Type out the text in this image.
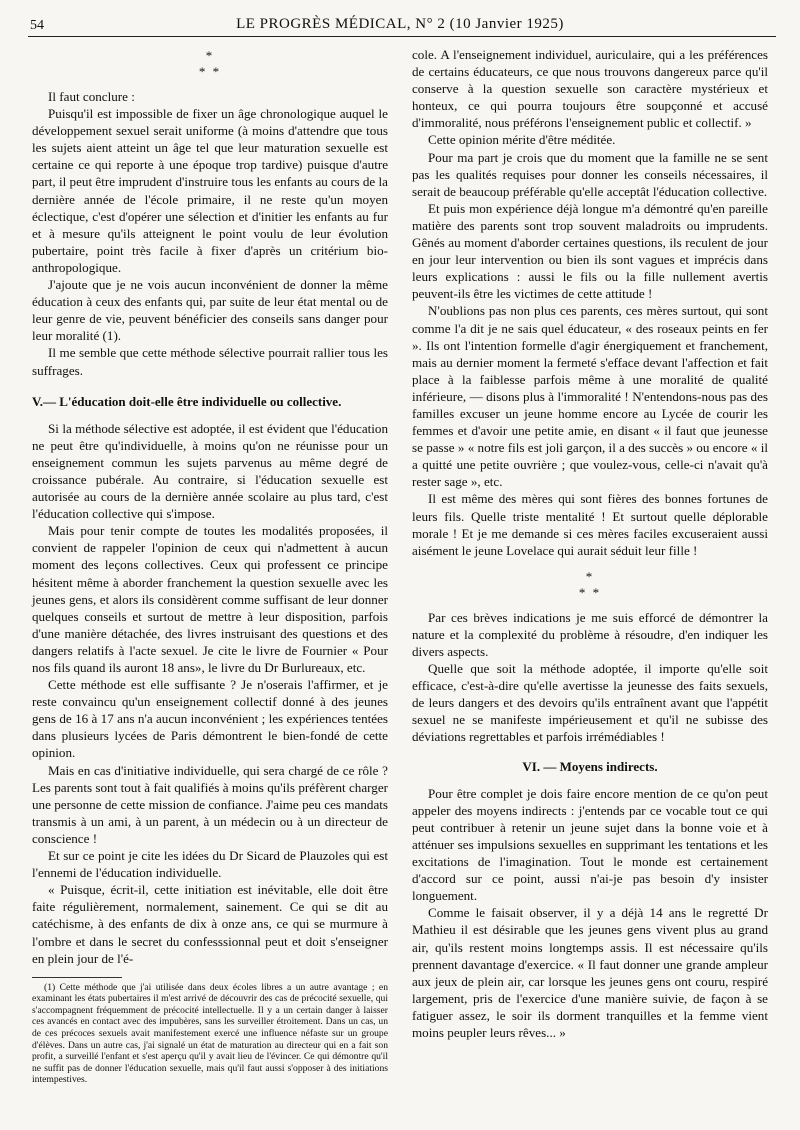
54	LE PROGRÈS MÉDICAL, N° 2 (10 Janvier 1925)
*
* *

Il faut conclure :

Puisqu'il est impossible de fixer un âge chronologique auquel le développement sexuel serait uniforme (à moins d'attendre que tous les sujets aient atteint un âge tel que leur maturation sexuelle est certaine ce qui reporte à une époque trop tardive) puisque d'autre part, il peut être imprudent d'instruire tous les enfants au cours de la dernière année de l'école primaire, il ne reste qu'un moyen éclectique, c'est d'opérer une sélection et d'initier les enfants au fur et à mesure qu'ils atteignent le point voulu de leur évolution pubertaire, point très facile à fixer d'après un critérium bio-anthropologique.

J'ajoute que je ne vois aucun inconvénient de donner la même éducation à ceux des enfants qui, par suite de leur état mental ou de leur genre de vie, peuvent bénéficier des conseils sans danger pour leur moralité (1).

Il me semble que cette méthode sélective pourrait rallier tous les suffrages.

V.— L'éducation doit-elle être individuelle ou collective.

Si la méthode sélective est adoptée, il est évident que l'éducation ne peut être qu'individuelle, à moins qu'on ne réunisse pour un enseignement commun les sujets parvenus au même degré de croissance pubérale. Au contraire, si l'éducation sexuelle est autorisée au cours de la dernière année scolaire au plus tard, c'est l'éducation collective qui s'impose.

Mais pour tenir compte de toutes les modalités proposées, il convient de rappeler l'opinion de ceux qui n'admettent à aucun moment des leçons collectives. Ceux qui professent ce principe hésitent même à aborder franchement la question sexuelle avec les jeunes gens, et alors ils considèrent comme suffisant de leur donner quelques conseils et surtout de mettre à leur disposition, parfois d'une manière détachée, des livres instruisant des questions et des dangers relatifs à l'acte sexuel. Je cite le livre de Fournier « Pour nos fils quand ils auront 18 ans», le livre du Dr Burlureaux, etc.

Cette méthode est elle suffisante ? Je n'oserais l'affirmer, et je reste convaincu qu'un enseignement collectif donné à des jeunes gens de 16 à 17 ans n'a aucun inconvénient ; les expériences tentées dans plusieurs lycées de Paris démontrent le bien-fondé de cette opinion.

Mais en cas d'initiative individuelle, qui sera chargé de ce rôle ? Les parents sont tout à fait qualifiés à moins qu'ils préfèrent charger une personne de cette mission de confiance. J'aime peu ces mandats transmis à un ami, à un parent, à un médecin ou à un directeur de conscience !

Et sur ce point je cite les idées du Dr Sicard de Plauzoles qui est l'ennemi de l'éducation individuelle.

« Puisque, écrit-il, cette initiation est inévitable, elle doit être faite régulièrement, normalement, sainement. Ce qui se dit au catéchisme, à des enfants de dix à onze ans, ce qui se murmure à l'ombre et dans le secret du confesssionnal peut et doit s'enseigner en plein jour de l'é-

(1) Cette méthode que j'ai utilisée dans deux écoles libres a un autre avantage ; en examinant les états pubertaires il m'est arrivé de découvrir des cas de précocité sexuelle, qui s'accompagnent fréquemment de précocité intellectuelle. Il y a un certain danger à laisser ces avancés en contact avec des impubères, sans les surveiller étroitement. Dans un cas, un de ces précoces sexuels avait manifestement exercé une influence néfaste sur un groupe d'élèves. Dans un autre cas, j'ai signalé un état de maturation au directeur qui en a fait son profit, a surveillé l'enfant et s'est aperçu qu'il y avait lieu de l'évincer. Ce qui démontre qu'il ne suffit pas de donner l'éducation sexuelle, mais qu'il faut aussi s'opposer à des initiations intempestives.

cole. A l'enseignement individuel, auriculaire, qui a les préférences de certains éducateurs, ce que nous trouvons dangereux parce qu'il conserve à la question sexuelle son caractère mystérieux et honteux, ce qui pourra toujours être soupçonné et accusé d'immoralité, nous préférons l'enseignement public et collectif. »

Cette opinion mérite d'être méditée.

Pour ma part je crois que du moment que la famille ne se sent pas les qualités requises pour donner les conseils nécessaires, il serait de beaucoup préférable qu'elle acceptât l'éducation collective.

Et puis mon expérience déjà longue m'a démontré qu'en pareille matière des parents sont trop souvent maladroits ou imprudents. Gênés au moment d'aborder certaines questions, ils reculent de jour en jour leur intervention ou bien ils sont vagues et imprécis dans leurs explications : aussi le fils ou la fille nullement avertis peuvent-ils être les victimes de cette attitude !

N'oublions pas non plus ces parents, ces mères surtout, qui sont comme l'a dit je ne sais quel éducateur, « des roseaux peints en fer ». Ils ont l'intention formelle d'agir énergiquement et franchement, mais au dernier moment la fermeté s'efface devant l'affection et fait place à la faiblesse parfois même à une moralité de qualité inférieure, — disons plus à l'immoralité ! N'entendons-nous pas des familles excuser un jeune homme encore au Lycée de courir les femmes et d'avoir une petite amie, en disant « il faut que jeunesse se passe » « notre fils est joli garçon, il a des succès » ou encore « il a quitté une petite ouvrière ; que voulez-vous, celle-ci n'avait qu'à rester sage », etc.

Il est même des mères qui sont fières des bonnes fortunes de leurs fils. Quelle triste mentalité ! Et surtout quelle déplorable morale ! Et je me demande si ces mères faciles excuseraient aussi aisément le jeune Lovelace qui aurait séduit leur fille !

*
* *

Par ces brèves indications je me suis efforcé de démontrer la nature et la complexité du problème à résoudre, d'en indiquer les divers aspects.

Quelle que soit la méthode adoptée, il importe qu'elle soit efficace, c'est-à-dire qu'elle avertisse la jeunesse des faits sexuels, de leurs dangers et des devoirs qu'ils entraînent avant que l'appétit sexuel ne se manifeste impérieusement et qu'il ne subisse des déviations regrettables et parfois irrémédiables !

VI. — Moyens indirects.

Pour être complet je dois faire encore mention de ce qu'on peut appeler des moyens indirects : j'entends par ce vocable tout ce qui peut contribuer à retenir un jeune sujet dans la bonne voie et à atténuer ses impulsions sexuelles en supprimant les tentations et les excitations de l'imagination. Tout le monde est certainement d'accord sur ce point, aussi n'ai-je pas besoin d'y insister longuement.

Comme le faisait observer, il y a déjà 14 ans le regretté Dr Mathieu il est désirable que les jeunes gens vivent plus au grand air, qu'ils restent moins longtemps assis. Il est nécessaire qu'ils prennent davantage d'exercice. « Il faut donner une grande ampleur aux jeux de plein air, car lorsque les jeunes gens ont couru, respiré largement, pris de l'exercice d'une manière suivie, de façon à se fatiguer assez, le soir ils dorment tranquilles et la femme vient moins peupler leurs rêves... »
